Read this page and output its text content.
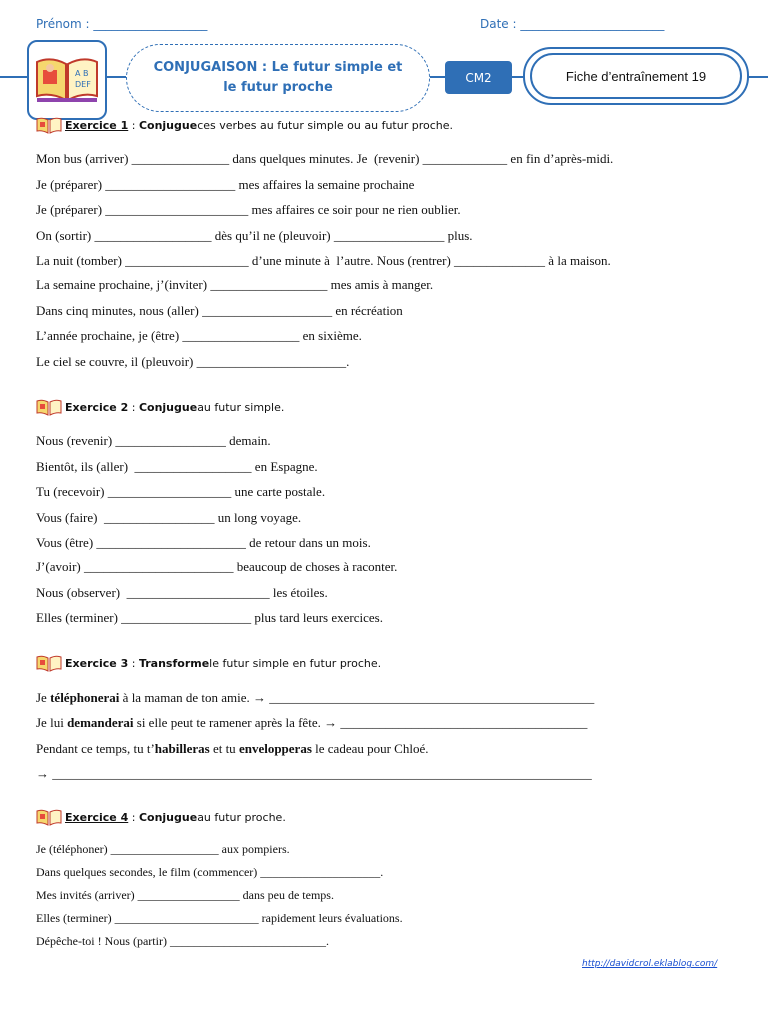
Prénom : ___________________	Date : ________________________
A B
DEF
CONJUGAISON : Le futur simple et
le futur proche
CM2	Fiche d’entraînement 19
Exercice 1 : Conjugue ces verbes au futur simple ou au futur proche.
Mon bus (arriver) _______________ dans quelques minutes. Je  (revenir) _____________ en fin d’après-midi.
Je (préparer) ____________________ mes affaires la semaine prochaine
Je (préparer) ______________________ mes affaires ce soir pour ne rien oublier.
On (sortir) __________________ dès qu’il ne (pleuvoir) _________________ plus.
La nuit (tomber) ___________________ d’une minute à  l’autre. Nous (rentrer) ______________ à la maison.
La semaine prochaine, j’(inviter) __________________ mes amis à manger.
Dans cinq minutes, nous (aller) ____________________ en récréation
L’année prochaine, je (être) __________________ en sixième.
Le ciel se couvre, il (pleuvoir) _______________________.
Exercice 2 : Conjugue au futur simple.
Nous (revenir) _________________ demain.
Bientôt, ils (aller)  __________________ en Espagne.
Tu (recevoir) ___________________ une carte postale.
Vous (faire)  _________________ un long voyage.
Vous (être) _______________________ de retour dans un mois.
J’(avoir) _______________________ beaucoup de choses à raconter.
Nous (observer)  ______________________ les étoiles.
Elles (terminer) ____________________ plus tard leurs exercices.
Exercice 3 : Transforme le futur simple en futur proche.
Je téléphonerai à la maman de ton amie. → __________________________________________________
Je lui demanderai si elle peut te ramener après la fête. → ______________________________________
Pendant ce temps, tu t’habilleras et tu envelopperas le cadeau pour Chloé.
→ ___________________________________________________________________________________
Exercice 4 : Conjugue au futur proche.
Je (téléphoner) __________________ aux pompiers.
Dans quelques secondes, le film (commencer) ____________________.
Mes invités (arriver) _________________ dans peu de temps.
Elles (terminer) ________________________ rapidement leurs évaluations.
Dépêche-toi ! Nous (partir) __________________________.
http://davidcrol.eklablog.com/
